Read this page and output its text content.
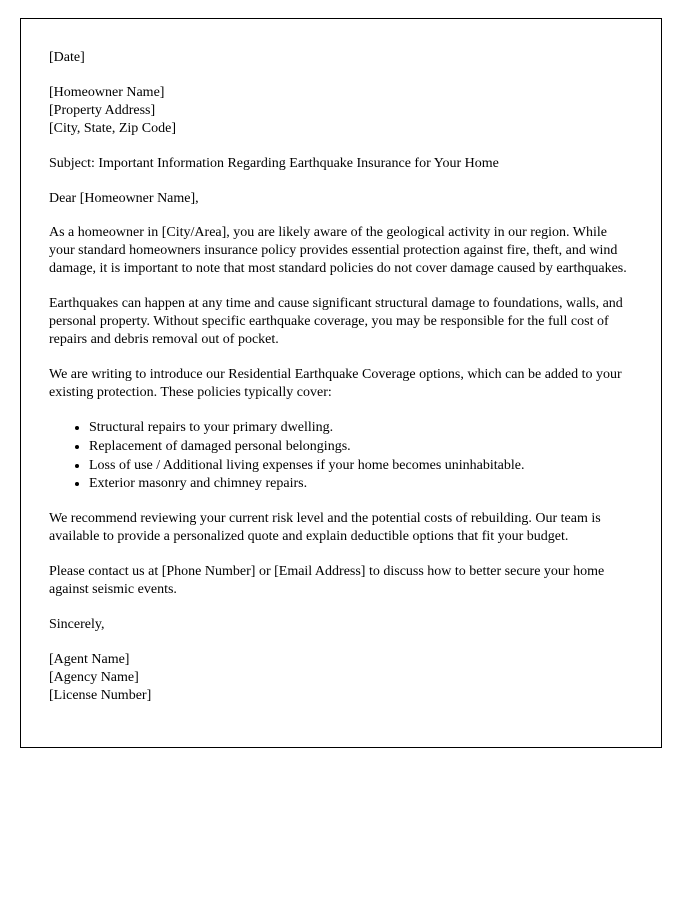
[Date]
[Homeowner Name]
[Property Address]
[City, State, Zip Code]

Subject: Important Information Regarding Earthquake Insurance for Your Home

Dear [Homeowner Name],

As a homeowner in [City/Area], you are likely aware of the geological activity in our region. While your standard homeowners insurance policy provides essential protection against fire, theft, and wind damage, it is important to note that most standard policies do not cover damage caused by earthquakes.

Earthquakes can happen at any time and cause significant structural damage to foundations, walls, and personal property. Without specific earthquake coverage, you may be responsible for the full cost of repairs and debris removal out of pocket.

We are writing to introduce our Residential Earthquake Coverage options, which can be added to your existing protection. These policies typically cover:

• Structural repairs to your primary dwelling.
• Replacement of damaged personal belongings.
• Loss of use / Additional living expenses if your home becomes uninhabitable.
• Exterior masonry and chimney repairs.

We recommend reviewing your current risk level and the potential costs of rebuilding. Our team is available to provide a personalized quote and explain deductible options that fit your budget.

Please contact us at [Phone Number] or [Email Address] to discuss how to better secure your home against seismic events.

Sincerely,

[Agent Name]
[Agency Name]
[License Number]
